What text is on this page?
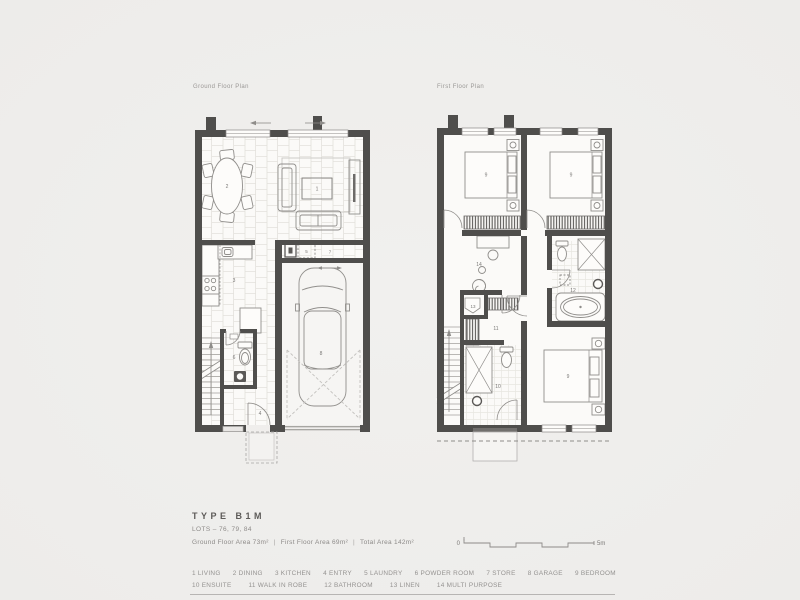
Ground Floor Plan	First Floor Plan
1
2
3
4
5
6
7
8
9	9
9
10
11
12
13
14
TYPE B1M
LOTS – 76, 79, 84
Ground Floor Area 73m² | First Floor Area 69m² | Total Area 142m²	0	5m
1 LIVING 2 DINING 3 KITCHEN 4 ENTRY 5 LAUNDRY 6 POWDER ROOM 7 STORE 8 GARAGE 9 BEDROOM
10 ENSUITE	11 WALK IN ROBE	12 BATHROOM	13 LINEN	14 MULTI PURPOSE
